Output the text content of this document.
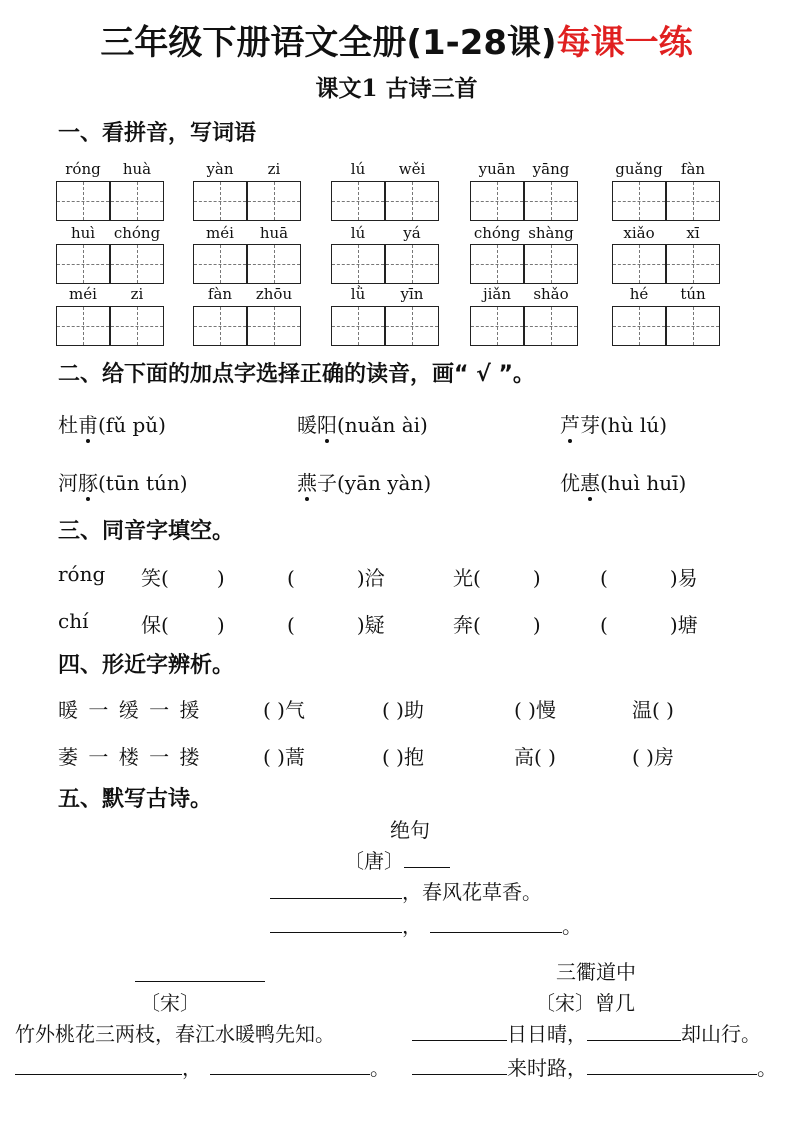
三年级下册语文全册(1-28课)每课一练
课文1 古诗三首
一、看拼音，写词语
róng	huà	yàn	zi	lú	wěi	yuān	yāng	guǎng	fàn
huì	chóng	méi	huā	lú	yá	chóng shàng	xiǎo	xī
méi	zi	fàn	zhōu	lǜ	yīn	jiǎn	shǎo	hé	tún
二、给下面的加点字选择正确的读音，画“ √ ”。
杜甫(fǔ pǔ)	暖阳(nuǎn ài)	芦芽(hù lú)
河豚(tūn tún)	燕子(yān yàn)	优惠(huì huī)
三、同音字填空。
róng 笑( )	(	)洽	光(	)	(	)易
chí	保( )	(	)疑	奔(	)	(	)塘
四、形近字辨析。
暖 一 缓 一 援	( )气	( )助	( )慢	温( )
萎 一 楼 一 搂	( )蒿	( )抱	高( )	( )房
五、默写古诗。
绝句
〔唐〕
，春风花草香。
，	。
〔宋〕
竹外桃花三两枝，春江水暖鸭先知。
，	。
三衢道中
〔宋〕曾几
日日晴，	却山行。
来时路，	。
